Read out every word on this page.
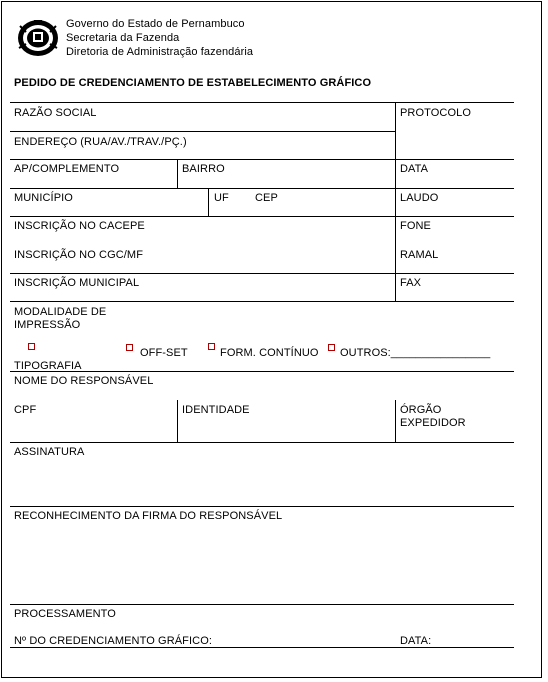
Governo do Estado de Pernambuco
Secretaria da Fazenda
Diretoria de Administração fazendária
PEDIDO DE CREDENCIAMENTO DE ESTABELECIMENTO GRÁFICO
RAZÃO SOCIAL	PROTOCOLO
ENDEREÇO (RUA/AV./TRAV./PÇ.)
AP/COMPLEMENTO	BAIRRO	DATA
MUNICÍPIO	UF CEP	LAUDO
INSCRIÇÃO NO CACEPE	FONE
INSCRIÇÃO NO CGC/MF	RAMAL
INSCRIÇÃO MUNICIPAL	FAX
MODALIDADE DE
IMPRESSÃO
TIPOGRAFIA
OFF-SET	FORM. CONTÍNUO OUTROS:________________
NOME DO RESPONSÁVEL
CPF	IDENTIDADE	ÓRGÃO
EXPEDIDOR
ASSINATURA
RECONHECIMENTO DA FIRMA DO RESPONSÁVEL
PROCESSAMENTO
Nº DO CREDENCIAMENTO GRÁFICO:	DATA:
